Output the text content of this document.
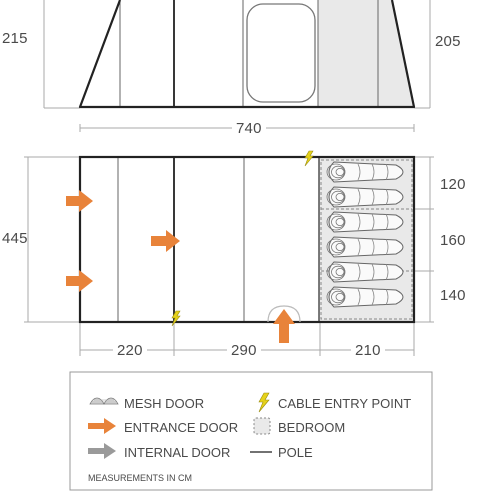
215	205
740
445
220	290	210
120
160
140
MESH DOOR
ENTRANCE DOOR
INTERNAL DOOR
CABLE ENTRY POINT
BEDROOM
POLE
MEASUREMENTS IN CM
